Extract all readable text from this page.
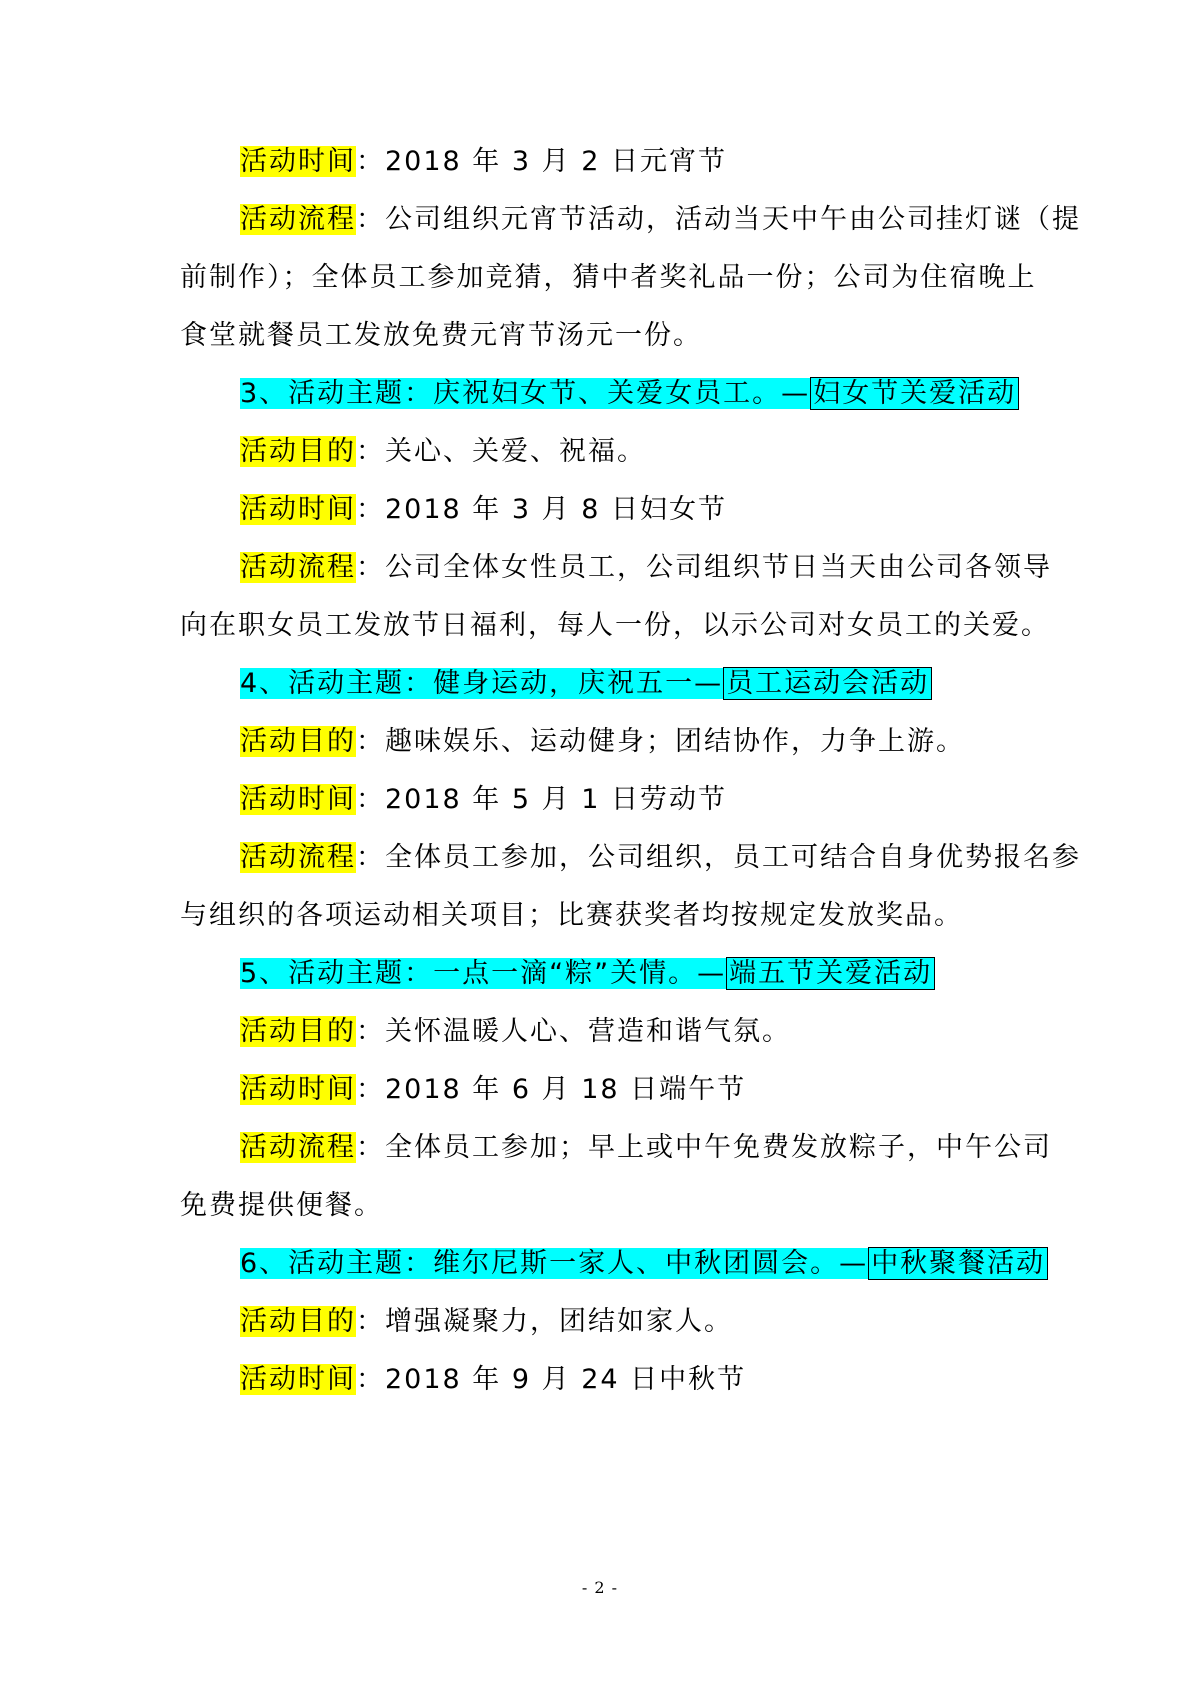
活动时间：2018 年 3 月 2 日元宵节
活动流程：公司组织元宵节活动，活动当天中午由公司挂灯谜（提
前制作）；全体员工参加竞猜，猜中者奖礼品一份；公司为住宿晚上
食堂就餐员工发放免费元宵节汤元一份。
3、活动主题：庆祝妇女节、关爱女员工。— 妇女节关爱活动
活动目的：关心、关爱、祝福。
活动时间：2018 年 3 月 8 日妇女节
活动流程：公司全体女性员工，公司组织节日当天由公司各领导
向在职女员工发放节日福利，每人一份，以示公司对女员工的关爱。
4、活动主题：健身运动，庆祝五一— 员工运动会活动
活动目的：趣味娱乐、运动健身；团结协作，力争上游。
活动时间：2018 年 5 月 1 日劳动节
活动流程：全体员工参加，公司组织，员工可结合自身优势报名参
与组织的各项运动相关项目；比赛获奖者均按规定发放奖品。
5、活动主题：一点一滴“粽”关情。— 端五节关爱活动
活动目的：关怀温暖人心、营造和谐气氛。
活动时间：2018 年 6 月 18 日端午节
活动流程：全体员工参加；早上或中午免费发放粽子，中午公司
免费提供便餐。
6、活动主题：维尔尼斯一家人、中秋团圆会。— 中秋聚餐活动
活动目的：增强凝聚力，团结如家人。
活动时间：2018 年 9 月 24 日中秋节
- 2 -
